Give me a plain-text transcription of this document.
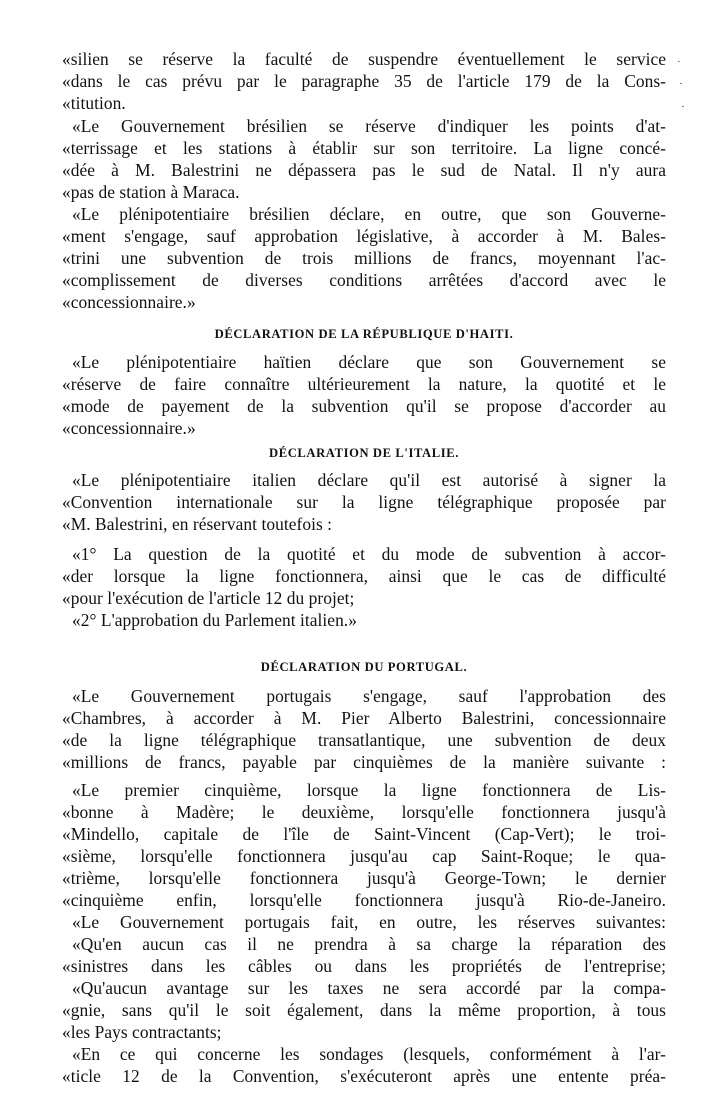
«silien se réserve la faculté de suspendre éventuellement le service
«dans le cas prévu par le paragraphe 35 de l'article 179 de la Cons-
«titution.
«Le Gouvernement brésilien se réserve d'indiquer les points d'at-
«terrissage et les stations à établir sur son territoire. La ligne concé-
«dée à M. Balestrini ne dépassera pas le sud de Natal. Il n'y aura
«pas de station à Maraca.
«Le plénipotentiaire brésilien déclare, en outre, que son Gouverne-
«ment s'engage, sauf approbation législative, à accorder à M. Bales-
«trini une subvention de trois millions de francs, moyennant l'ac-
«complissement de diverses conditions arrêtées d'accord avec le
«concessionnaire.»
DÉCLARATION DE LA RÉPUBLIQUE D'HAITI.
«Le plénipotentiaire haïtien déclare que son Gouvernement se
«réserve de faire connaître ultérieurement la nature, la quotité et le
«mode de payement de la subvention qu'il se propose d'accorder au
«concessionnaire.»
DÉCLARATION DE L'ITALIE.
«Le plénipotentiaire italien déclare qu'il est autorisé à signer la
«Convention internationale sur la ligne télégraphique proposée par
«M. Balestrini, en réservant toutefois :
«1° La question de la quotité et du mode de subvention à accor-
«der lorsque la ligne fonctionnera, ainsi que le cas de difficulté
«pour l'exécution de l'article 12 du projet;
«2° L'approbation du Parlement italien.»
DÉCLARATION DU PORTUGAL.
«Le Gouvernement portugais s'engage, sauf l'approbation des
«Chambres, à accorder à M. Pier Alberto Balestrini, concessionnaire
«de la ligne télégraphique transatlantique, une subvention de deux
«millions de francs, payable par cinquièmes de la manière suivante :
«Le premier cinquième, lorsque la ligne fonctionnera de Lis-
«bonne à Madère; le deuxième, lorsqu'elle fonctionnera jusqu'à
«Mindello, capitale de l'île de Saint-Vincent (Cap-Vert); le troi-
«sième, lorsqu'elle fonctionnera jusqu'au cap Saint-Roque; le qua-
«trième, lorsqu'elle fonctionnera jusqu'à George-Town; le dernier
«cinquième enfin, lorsqu'elle fonctionnera jusqu'à Rio-de-Janeiro.
«Le Gouvernement portugais fait, en outre, les réserves suivantes:
«Qu'en aucun cas il ne prendra à sa charge la réparation des
«sinistres dans les câbles ou dans les propriétés de l'entreprise;
«Qu'aucun avantage sur les taxes ne sera accordé par la compa-
«gnie, sans qu'il le soit également, dans la même proportion, à tous
«les Pays contractants;
«En ce qui concerne les sondages (lesquels, conformément à l'ar-
«ticle 12 de la Convention, s'exécuteront après une entente préa-
·
·
·
